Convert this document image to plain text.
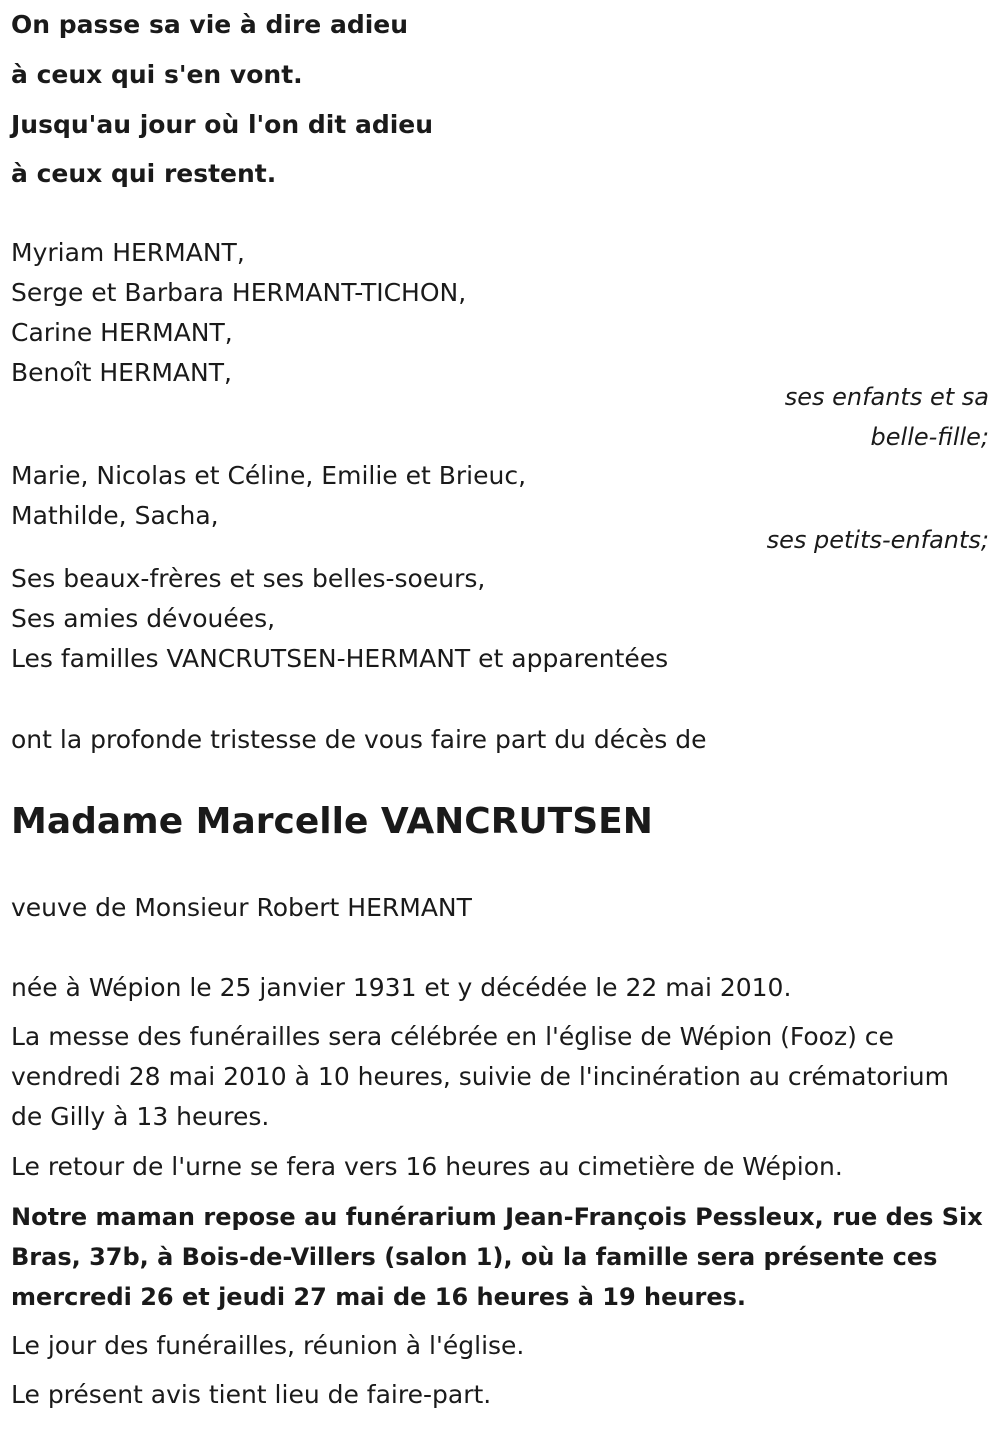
On passe sa vie à dire adieu

à ceux qui s'en vont.

Jusqu'au jour où l'on dit adieu

à ceux qui restent.

Myriam HERMANT,

Serge et Barbara HERMANT-TICHON,

Carine HERMANT,

Benoît HERMANT,

ses enfants et sa
belle-fille;

Marie, Nicolas et Céline, Emilie et Brieuc,

Mathilde, Sacha,

ses petits-enfants;

Ses beaux-frères et ses belles-soeurs,

Ses amies dévouées,

Les familles VANCRUTSEN-HERMANT et apparentées

ont la profonde tristesse de vous faire part du décès de

Madame Marcelle VANCRUTSEN

veuve de Monsieur Robert HERMANT

née à Wépion le 25 janvier 1931 et y décédée le 22 mai 2010.

La messe des funérailles sera célébrée en l'église de Wépion (Fooz) ce vendredi 28 mai 2010 à 10 heures, suivie de l'incinération au crématorium de Gilly à 13 heures.

Le retour de l'urne se fera vers 16 heures au cimetière de Wépion.

Notre maman repose au funérarium Jean-François Pessleux, rue des Six Bras, 37b, à Bois-de-Villers (salon 1), où la famille sera présente ces mercredi 26 et jeudi 27 mai de 16 heures à 19 heures.

Le jour des funérailles, réunion à l'église.

Le présent avis tient lieu de faire-part.
